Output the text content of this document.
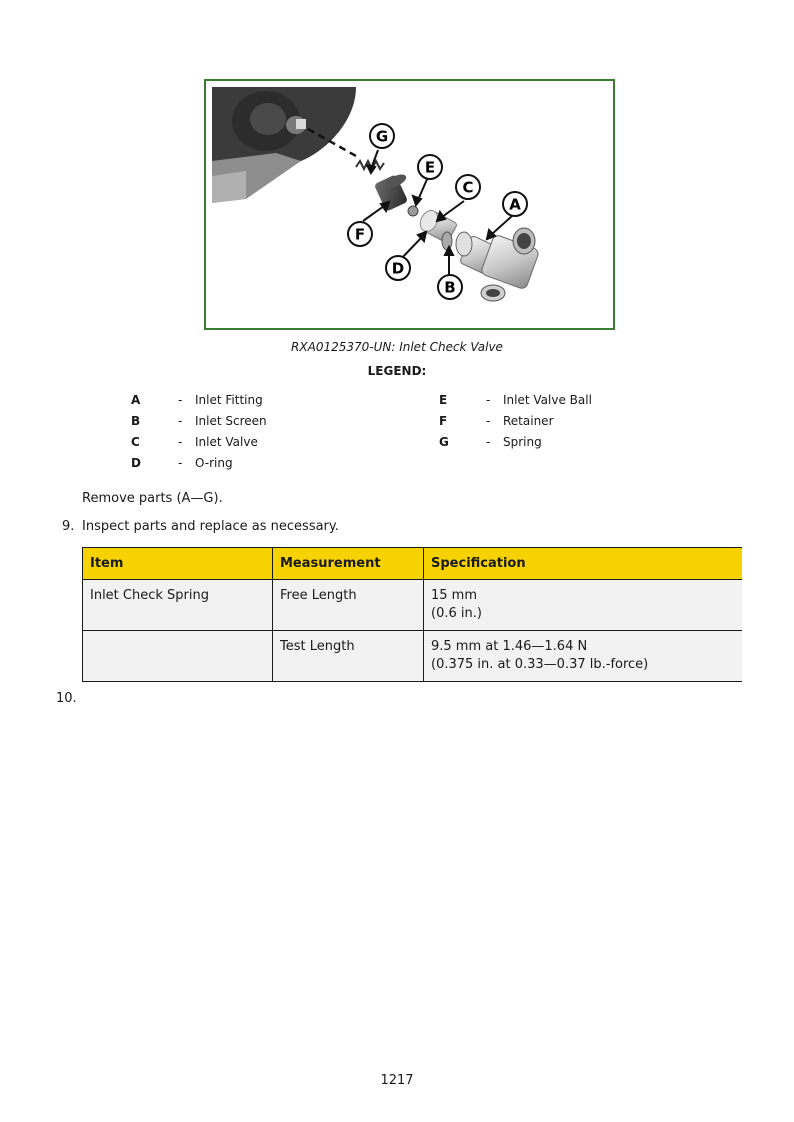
G
E
C
A
F
D
B
RXA0125370-UN: Inlet Check Valve
LEGEND:
A	- Inlet Fitting
B	- Inlet Screen
C	- Inlet Valve
D	- O-ring
E	- Inlet Valve Ball
F	- Retainer
G	- Spring
Remove parts (A—G).
9. Inspect parts and replace as necessary.
Item	Measurement	Specification
Inlet Check Spring	Free Length	15 mm
(0.6 in.)

	Test Length	9.5 mm at 1.46—1.64 N
(0.375 in. at 0.33—0.37 lb.-force)
10.
1217
